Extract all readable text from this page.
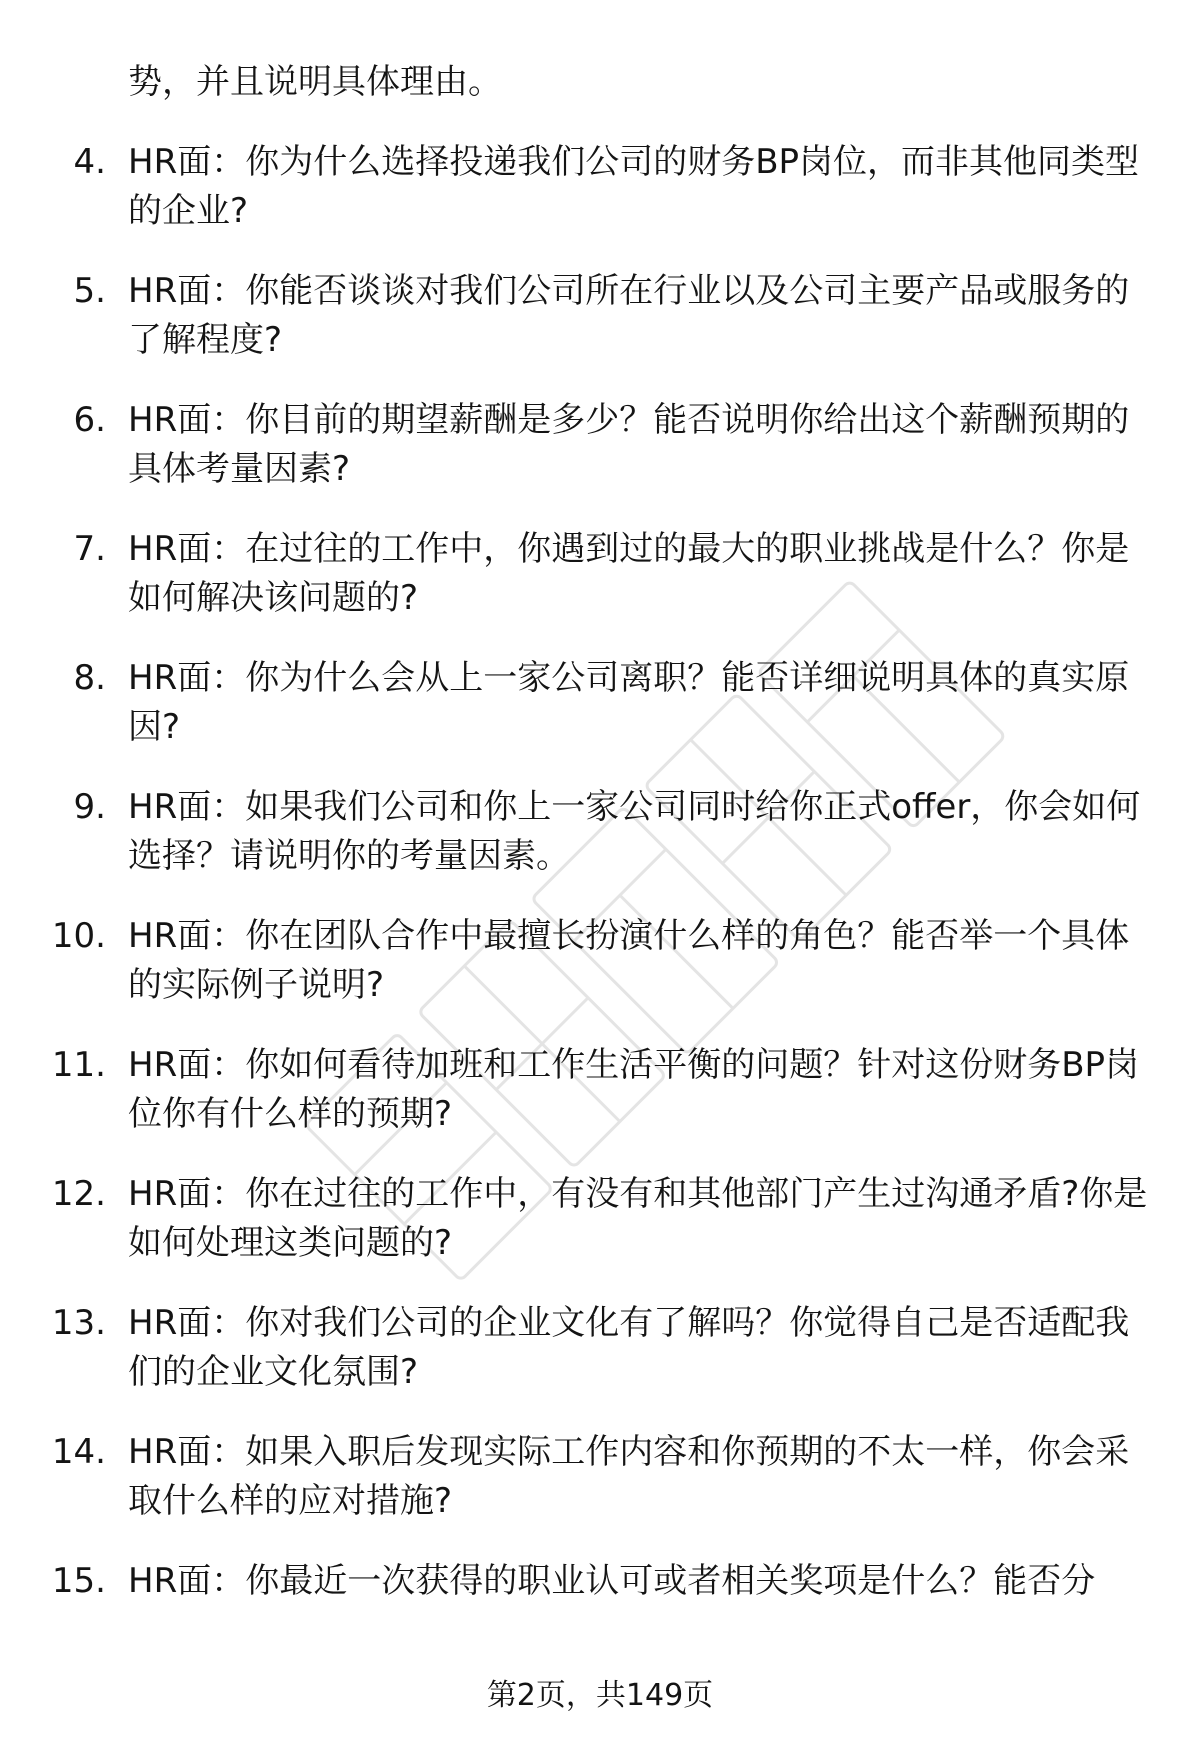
势，并且说明具体理由。
4. HR面：你为什么选择投递我们公司的财务BP岗位，而非其他同类型的企业?
5. HR面：你能否谈谈对我们公司所在行业以及公司主要产品或服务的了解程度?
6. HR面：你目前的期望薪酬是多少？能否说明你给出这个薪酬预期的具体考量因素?
7. HR面：在过往的工作中，你遇到过的最大的职业挑战是什么？你是如何解决该问题的?
8. HR面：你为什么会从上一家公司离职？能否详细说明具体的真实原因?
9. HR面：如果我们公司和你上一家公司同时给你正式offer，你会如何选择？请说明你的考量因素。
10. HR面：你在团队合作中最擅长扮演什么样的角色？能否举一个具体的实际例子说明?
11. HR面：你如何看待加班和工作生活平衡的问题？针对这份财务BP岗位你有什么样的预期?
12. HR面：你在过往的工作中，有没有和其他部门产生过沟通矛盾?你是如何处理这类问题的?
13. HR面：你对我们公司的企业文化有了解吗？你觉得自己是否适配我们的企业文化氛围?
14. HR面：如果入职后发现实际工作内容和你预期的不太一样，你会采取什么样的应对措施?
15. HR面：你最近一次获得的职业认可或者相关奖项是什么？能否分
第2页，共149页
